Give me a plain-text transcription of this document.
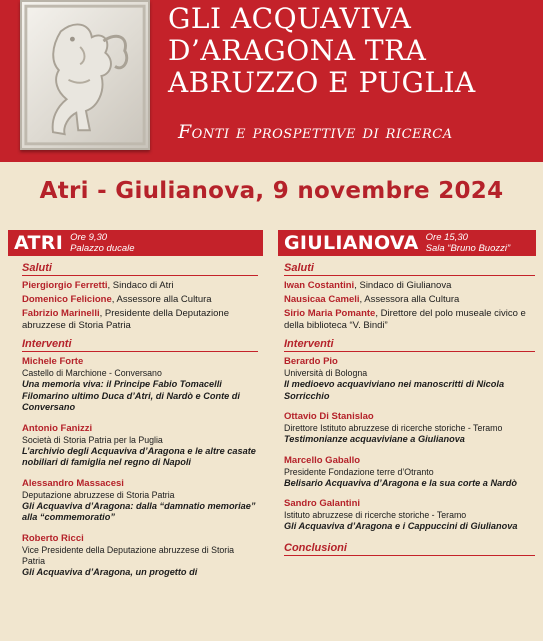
GLI ACQUAVIVA
D’ARAGONA TRA
ABRUZZO E PUGLIA
Fonti e prospettive di ricerca
Atri - Giulianova, 9 novembre 2024
ATRI Ore 9,30
Palazzo ducale
Saluti
Piergiorgio Ferretti, Sindaco di Atri
Domenico Felicione, Assessore alla Cultura
Fabrizio Marinelli, Presidente della Deputazione abruzzese di Storia Patria
Interventi
Michele Forte
Castello di Marchione - Conversano
Una memoria viva: il Principe Fabio Tomacelli Filomarino ultimo Duca d’Atri, di Nardò e Conte di Conversano
Antonio Fanizzi
Società di Storia Patria per la Puglia
L’archivio degli Acquaviva d’Aragona e le altre casate nobiliari di famiglia nel regno di Napoli
Alessandro Massacesi
Deputazione abruzzese di Storia Patria
Gli Acquaviva d’Aragona: dalla “damnatio memoriae” alla “commemoratio”
Roberto Ricci
Vice Presidente della Deputazione abruzzese di Storia Patria
Gli Acquaviva d’Aragona, un progetto di
GIULIANOVA Ore 15,30
Sala “Bruno Buozzi”
Saluti
Iwan Costantini, Sindaco di Giulianova
Nausicaa Cameli, Assessora alla Cultura
Sirio Maria Pomante, Direttore del polo museale civico e della biblioteca “V. Bindi”
Interventi
Berardo Pio
Università di Bologna
Il medioevo acquaviviano nei manoscritti di Nicola Sorricchio
Ottavio Di Stanislao
Direttore Istituto abruzzese di ricerche storiche - Teramo
Testimonianze acquaviviane a Giulianova
Marcello Gaballo
Presidente Fondazione terre d’Otranto
Belisario Acquaviva d’Aragona e la sua corte a Nardò
Sandro Galantini
Istituto abruzzese di ricerche storiche - Teramo
Gli Acquaviva d’Aragona e i Cappuccini di Giulianova
Conclusioni
